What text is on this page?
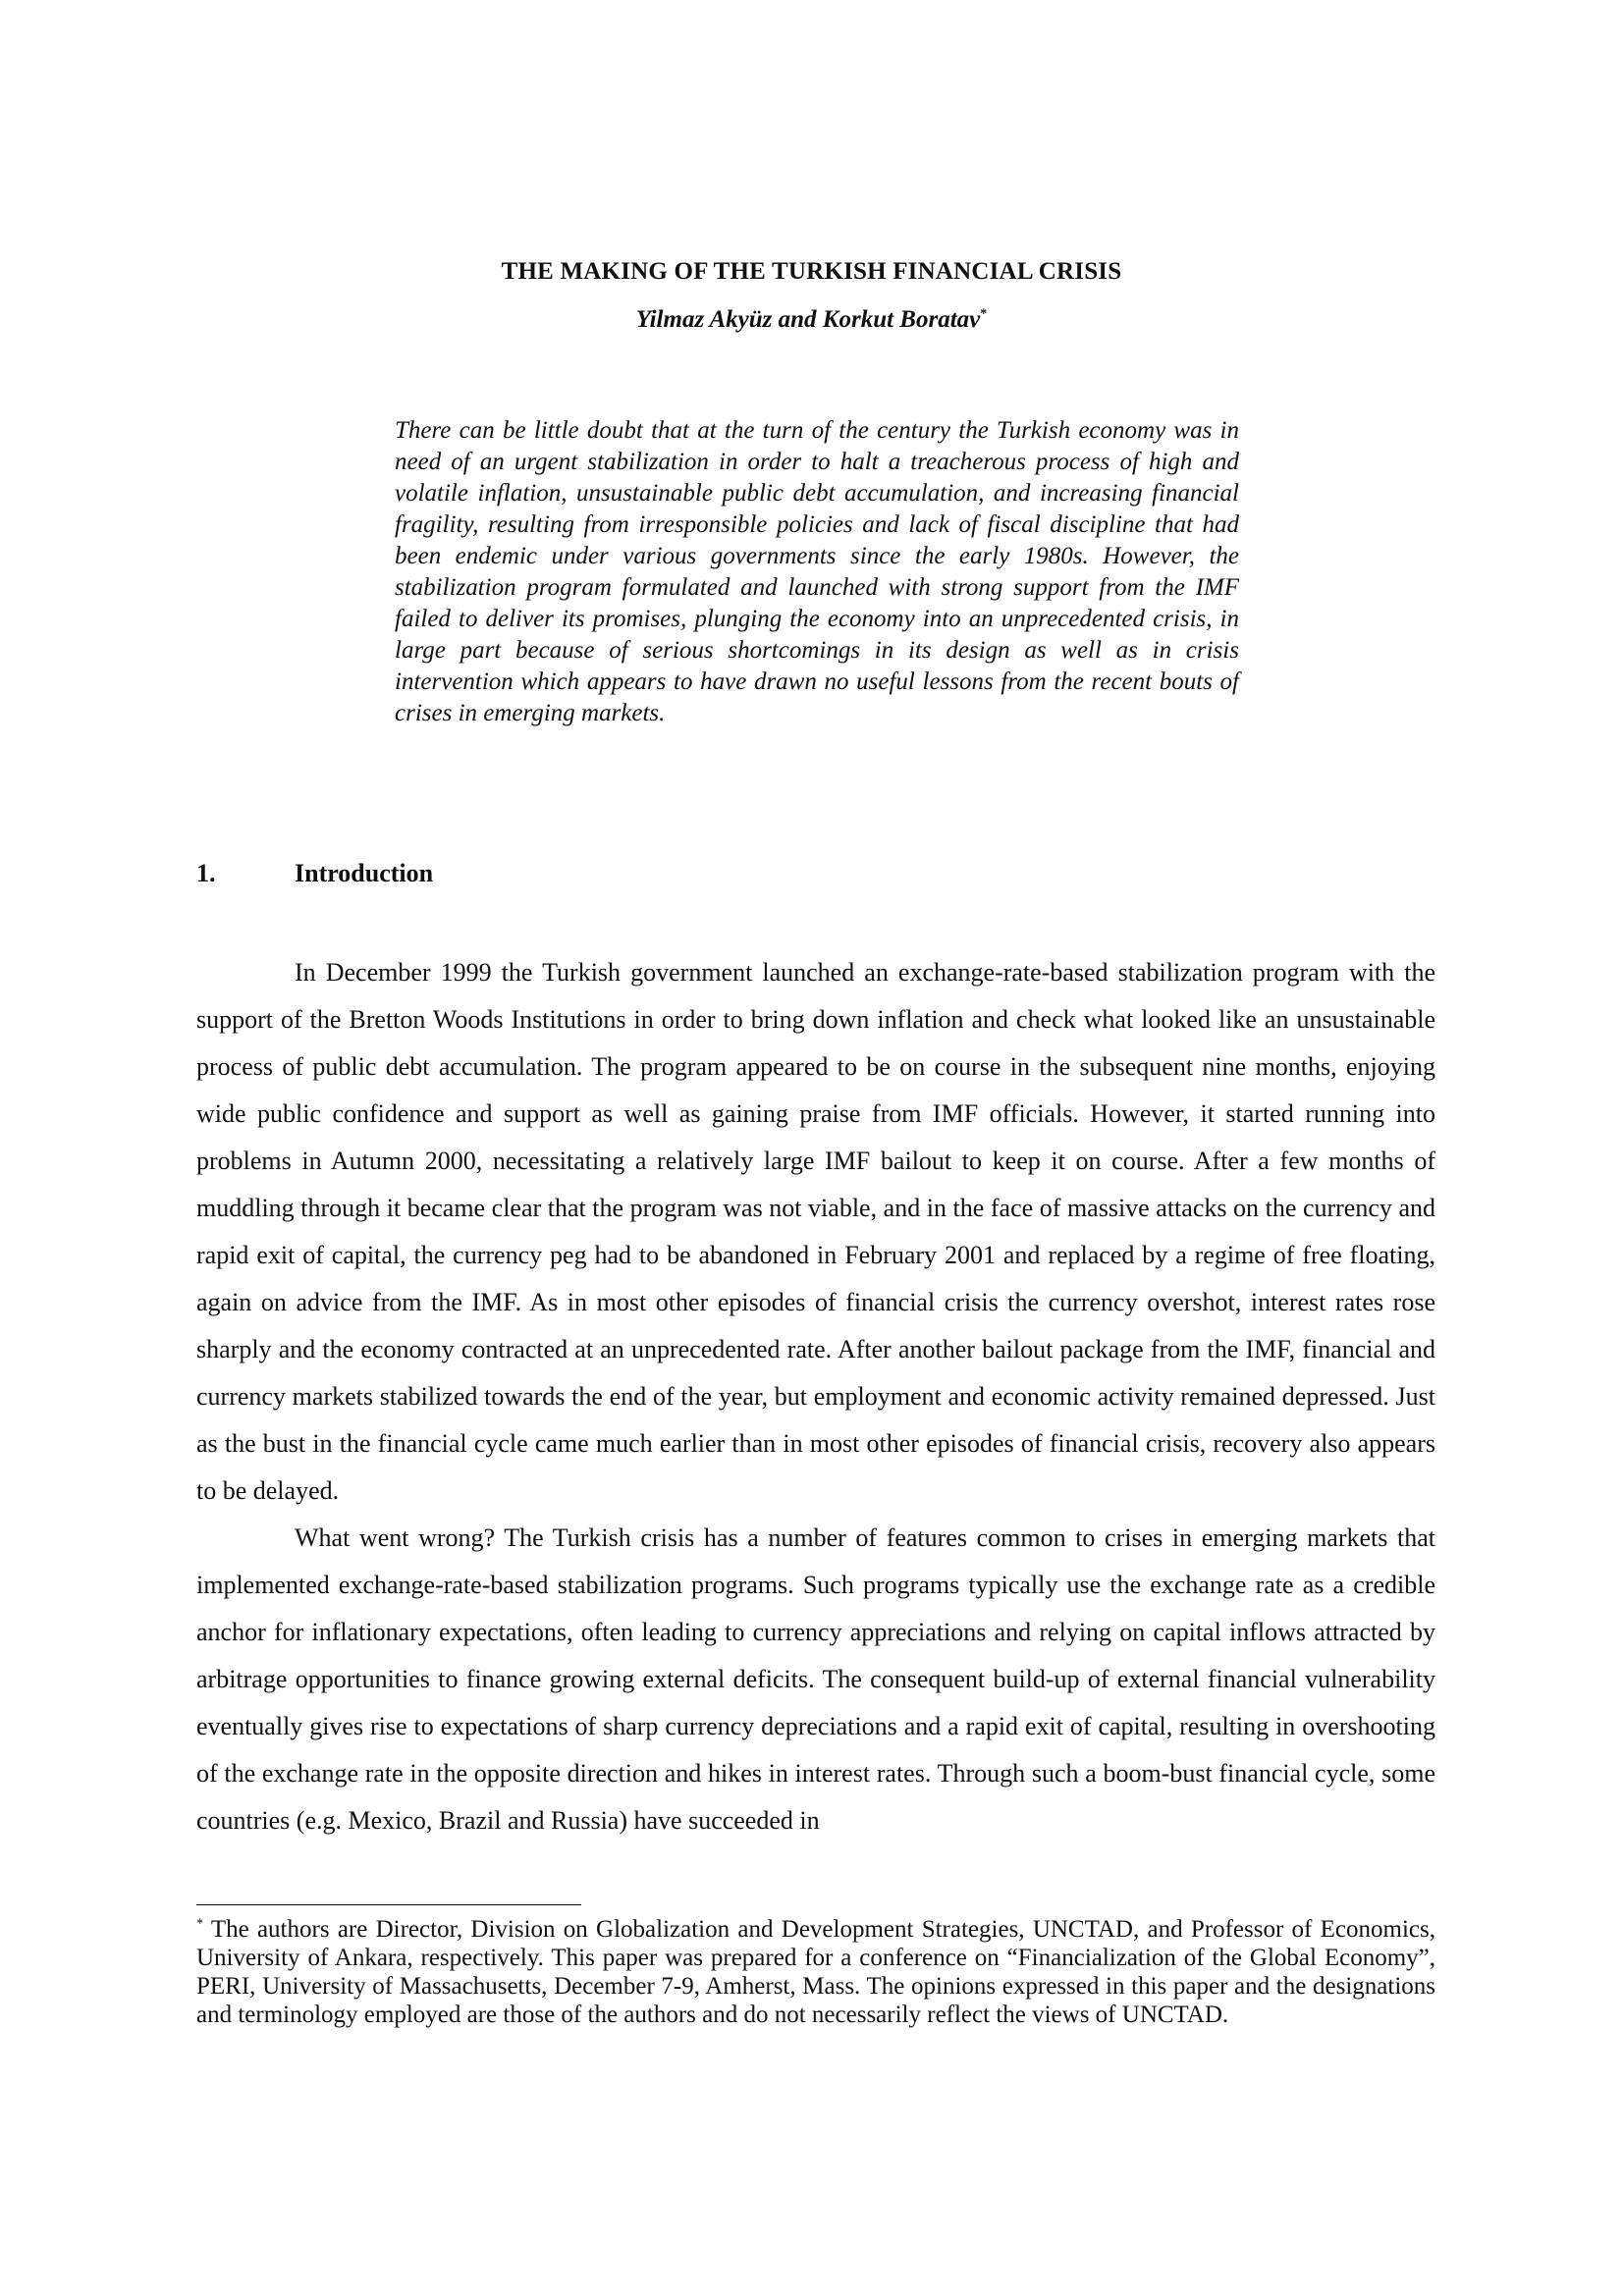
THE MAKING OF THE TURKISH FINANCIAL CRISIS
Yilmaz Akyüz and Korkut Boratav*
There can be little doubt that at the turn of the century the Turkish economy was in need of an urgent stabilization in order to halt a treacherous process of high and volatile inflation, unsustainable public debt accumulation, and increasing financial fragility, resulting from irresponsible policies and lack of fiscal discipline that had been endemic under various governments since the early 1980s. However, the stabilization program formulated and launched with strong support from the IMF failed to deliver its promises, plunging the economy into an unprecedented crisis, in large part because of serious shortcomings in its design as well as in crisis intervention which appears to have drawn no useful lessons from the recent bouts of crises in emerging markets.
1.	Introduction

In December 1999 the Turkish government launched an exchange-rate-based stabilization program with the support of the Bretton Woods Institutions in order to bring down inflation and check what looked like an unsustainable process of public debt accumulation. The program appeared to be on course in the subsequent nine months, enjoying wide public confidence and support as well as gaining praise from IMF officials. However, it started running into problems in Autumn 2000, necessitating a relatively large IMF bailout to keep it on course. After a few months of muddling through it became clear that the program was not viable, and in the face of massive attacks on the currency and rapid exit of capital, the currency peg had to be abandoned in February 2001 and replaced by a regime of free floating, again on advice from the IMF. As in most other episodes of financial crisis the currency overshot, interest rates rose sharply and the economy contracted at an unprecedented rate. After another bailout package from the IMF, financial and currency markets stabilized towards the end of the year, but employment and economic activity remained depressed. Just as the bust in the financial cycle came much earlier than in most other episodes of financial crisis, recovery also appears to be delayed.

What went wrong? The Turkish crisis has a number of features common to crises in emerging markets that implemented exchange-rate-based stabilization programs. Such programs typically use the exchange rate as a credible anchor for inflationary expectations, often leading to currency appreciations and relying on capital inflows attracted by arbitrage opportunities to finance growing external deficits. The consequent build-up of external financial vulnerability eventually gives rise to expectations of sharp currency depreciations and a rapid exit of capital, resulting in overshooting of the exchange rate in the opposite direction and hikes in interest rates. Through such a boom-bust financial cycle, some countries (e.g. Mexico, Brazil and Russia) have succeeded in

* The authors are Director, Division on Globalization and Development Strategies, UNCTAD, and Professor of Economics, University of Ankara, respectively. This paper was prepared for a conference on “Financialization of the Global Economy”, PERI, University of Massachusetts, December 7-9, Amherst, Mass. The opinions expressed in this paper and the designations and terminology employed are those of the authors and do not necessarily reflect the views of UNCTAD.
